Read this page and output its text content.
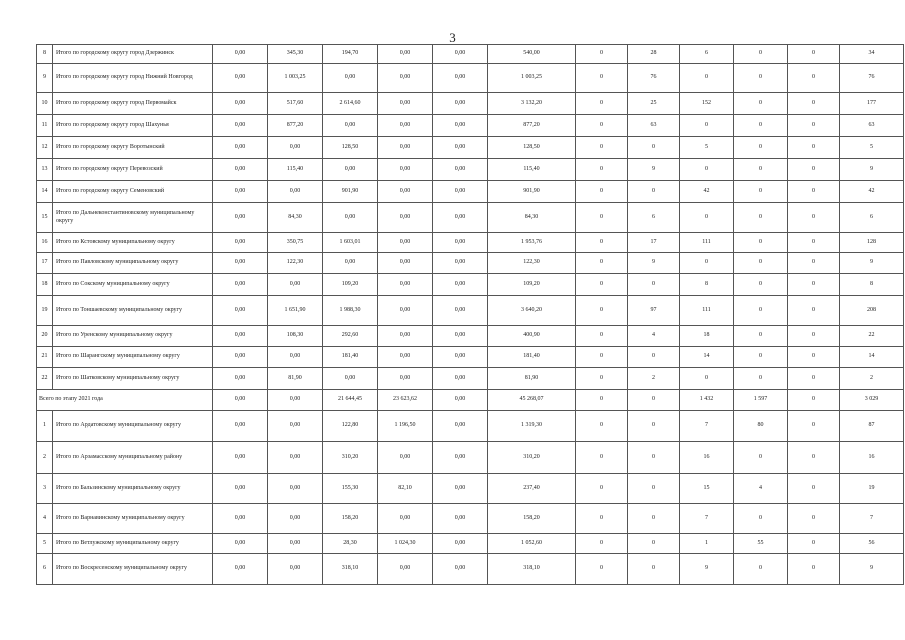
3
8	Итого по городскому округу город Дзержинск	0,00	345,30	194,70	0,00	0,00	540,00	0	28	6	0	0	34
9	Итого по городскому округу город Нижний Новгород	0,00	1 003,25	0,00	0,00	0,00	1 003,25	0	76	0	0	0	76
10	Итого по городскому округу город Первомайск	0,00	517,60	2 614,60	0,00	0,00	3 132,20	0	25	152	0	0	177
11	Итого по городскому округу город Шахунья	0,00	877,20	0,00	0,00	0,00	877,20	0	63	0	0	0	63
12	Итого по городскому округу Воротынский	0,00	0,00	128,50	0,00	0,00	128,50	0	0	5	0	0	5
13	Итого по городскому округу Перевозский	0,00	115,40	0,00	0,00	0,00	115,40	0	9	0	0	0	9
14	Итого по городскому округу Семеновский	0,00	0,00	901,90	0,00	0,00	901,90	0	0	42	0	0	42
15	Итого по Дальнеконстантиновскому муниципальному округу	0,00	84,30	0,00	0,00	0,00	84,30	0	6	0	0	0	6
16	Итого по Кстовскому муниципальному округу	0,00	350,75	1 603,01	0,00	0,00	1 953,76	0	17	111	0	0	128
17	Итого по Павловскому муниципальному округу	0,00	122,30	0,00	0,00	0,00	122,30	0	9	0	0	0	9
18	Итого по Сокскому муниципальному округу	0,00	0,00	109,20	0,00	0,00	109,20	0	0	8	0	0	8
19	Итого по Тоншаевскому муниципальному округу	0,00	1 651,90	1 988,30	0,00	0,00	3 640,20	0	97	111	0	0	208
20	Итого по Уренскому муниципальному округу	0,00	108,30	292,60	0,00	0,00	400,90	0	4	18	0	0	22
21	Итого по Шарангскому муниципальному округу	0,00	0,00	181,40	0,00	0,00	181,40	0	0	14	0	0	14
22	Итого по Шатковскому муниципальному округу	0,00	81,90	0,00	0,00	0,00	81,90	0	2	0	0	0	2
Всего по этапу 2021 года		0,00	0,00	21 644,45	23 623,62	0,00	45 268,07	0	0	1 432	1 597	0	3 029
1	Итого по Ардатовскому муниципальному округу	0,00	0,00	122,80	1 196,50	0,00	1 319,30	0	0	7	80	0	87
2	Итого по Арзамасскому муниципальному району	0,00	0,00	310,20	0,00	0,00	310,20	0	0	16	0	0	16
3	Итого по Бальзинскому муниципальному округу	0,00	0,00	155,30	82,10	0,00	237,40	0	0	15	4	0	19
4	Итого по Варнавинскому муниципальному округу	0,00	0,00	158,20	0,00	0,00	158,20	0	0	7	0	0	7
5	Итого по Ветлужскому муниципальному округу	0,00	0,00	28,30	1 024,30	0,00	1 052,60	0	0	1	55	0	56
6	Итого по Воскресенскому муниципальному округу	0,00	0,00	318,10	0,00	0,00	318,10	0	0	9	0	0	9
